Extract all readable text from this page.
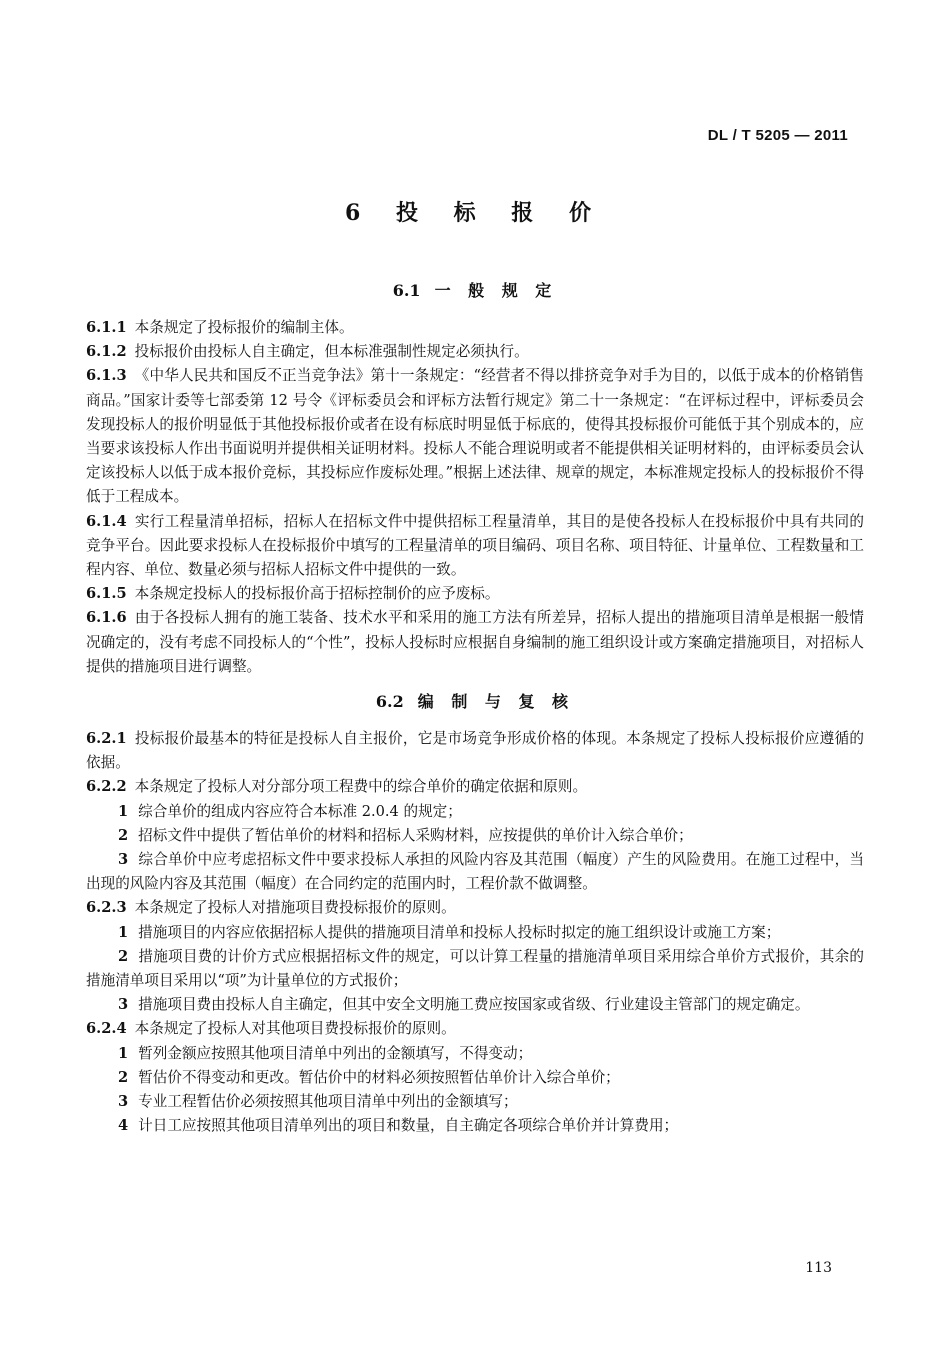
DL / T 5205 — 2011
6 投 标 报 价
6.1 一 般 规 定

6.1.1 本条规定了投标报价的编制主体。

6.1.2 投标报价由投标人自主确定，但本标准强制性规定必须执行。

6.1.3 《中华人民共和国反不正当竞争法》第十一条规定：“经营者不得以排挤竞争对手为目的，以低于成本的价格销售商品。”国家计委等七部委第 12 号令《评标委员会和评标方法暂行规定》第二十一条规定：“在评标过程中，评标委员会发现投标人的报价明显低于其他投标报价或者在设有标底时明显低于标底的，使得其投标报价可能低于其个别成本的，应当要求该投标人作出书面说明并提供相关证明材料。投标人不能合理说明或者不能提供相关证明材料的，由评标委员会认定该投标人以低于成本报价竞标，其投标应作废标处理。”根据上述法律、规章的规定，本标准规定投标人的投标报价不得低于工程成本。

6.1.4 实行工程量清单招标，招标人在招标文件中提供招标工程量清单，其目的是使各投标人在投标报价中具有共同的竞争平台。因此要求投标人在投标报价中填写的工程量清单的项目编码、项目名称、项目特征、计量单位、工程数量和工程内容、单位、数量必须与招标人招标文件中提供的一致。

6.1.5 本条规定投标人的投标报价高于招标控制价的应予废标。

6.1.6 由于各投标人拥有的施工装备、技术水平和采用的施工方法有所差异，招标人提出的措施项目清单是根据一般情况确定的，没有考虑不同投标人的“个性”，投标人投标时应根据自身编制的施工组织设计或方案确定措施项目，对招标人提供的措施项目进行调整。

6.2 编 制 与 复 核

6.2.1 投标报价最基本的特征是投标人自主报价，它是市场竞争形成价格的体现。本条规定了投标人投标报价应遵循的依据。

6.2.2 本条规定了投标人对分部分项工程费中的综合单价的确定依据和原则。

1 综合单价的组成内容应符合本标准 2.0.4 的规定；

2 招标文件中提供了暂估单价的材料和招标人采购材料，应按提供的单价计入综合单价；

3 综合单价中应考虑招标文件中要求投标人承担的风险内容及其范围（幅度）产生的风险费用。在施工过程中，当出现的风险内容及其范围（幅度）在合同约定的范围内时，工程价款不做调整。

6.2.3 本条规定了投标人对措施项目费投标报价的原则。

1 措施项目的内容应依据招标人提供的措施项目清单和投标人投标时拟定的施工组织设计或施工方案；

2 措施项目费的计价方式应根据招标文件的规定，可以计算工程量的措施清单项目采用综合单价方式报价，其余的措施清单项目采用以“项”为计量单位的方式报价；

3 措施项目费由投标人自主确定，但其中安全文明施工费应按国家或省级、行业建设主管部门的规定确定。

6.2.4 本条规定了投标人对其他项目费投标报价的原则。

1 暂列金额应按照其他项目清单中列出的金额填写，不得变动；

2 暂估价不得变动和更改。暂估价中的材料必须按照暂估单价计入综合单价；

3 专业工程暂估价必须按照其他项目清单中列出的金额填写；

4 计日工应按照其他项目清单列出的项目和数量，自主确定各项综合单价并计算费用；

113
